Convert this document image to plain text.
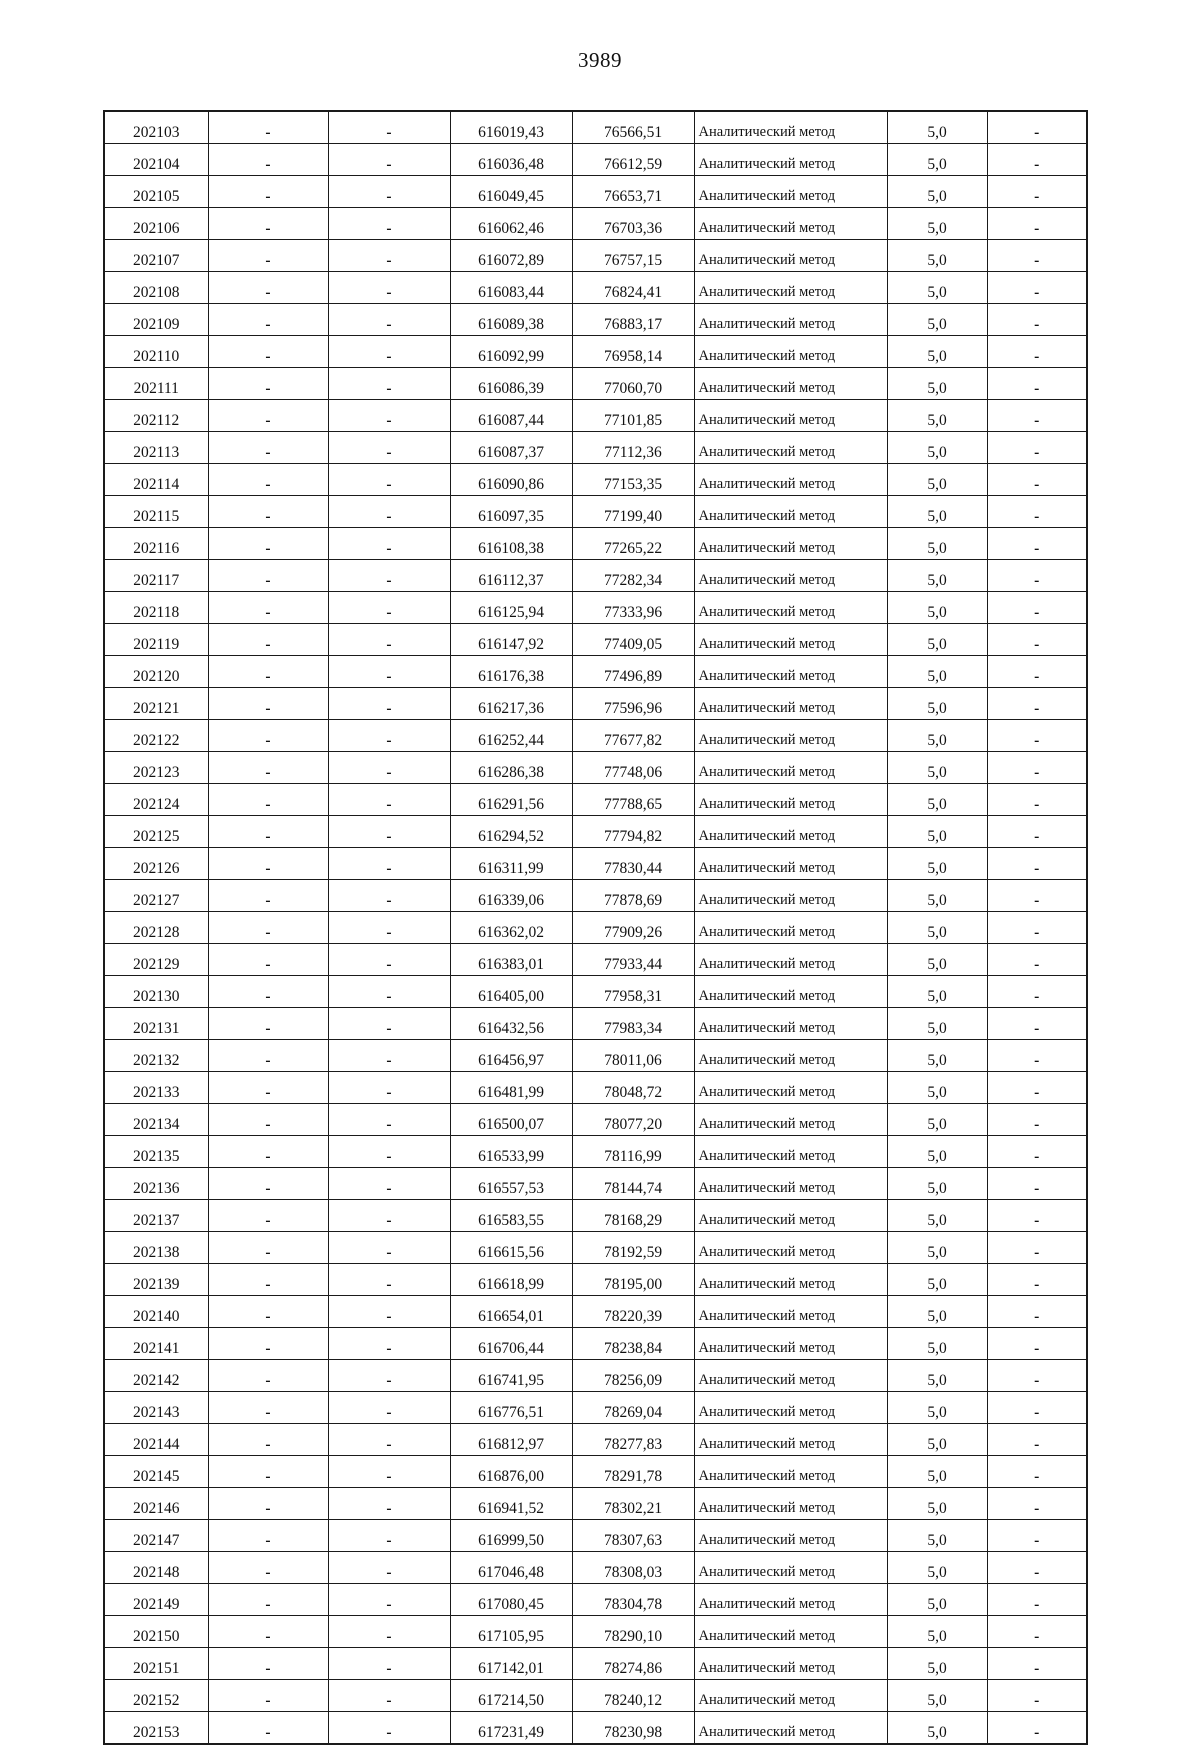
3989
202103	-	-	616019,43	76566,51	Аналитический метод	5,0	-
202104	-	-	616036,48	76612,59	Аналитический метод	5,0	-
202105	-	-	616049,45	76653,71	Аналитический метод	5,0	-
202106	-	-	616062,46	76703,36	Аналитический метод	5,0	-
202107	-	-	616072,89	76757,15	Аналитический метод	5,0	-
202108	-	-	616083,44	76824,41	Аналитический метод	5,0	-
202109	-	-	616089,38	76883,17	Аналитический метод	5,0	-
202110	-	-	616092,99	76958,14	Аналитический метод	5,0	-
202111	-	-	616086,39	77060,70	Аналитический метод	5,0	-
202112	-	-	616087,44	77101,85	Аналитический метод	5,0	-
202113	-	-	616087,37	77112,36	Аналитический метод	5,0	-
202114	-	-	616090,86	77153,35	Аналитический метод	5,0	-
202115	-	-	616097,35	77199,40	Аналитический метод	5,0	-
202116	-	-	616108,38	77265,22	Аналитический метод	5,0	-
202117	-	-	616112,37	77282,34	Аналитический метод	5,0	-
202118	-	-	616125,94	77333,96	Аналитический метод	5,0	-
202119	-	-	616147,92	77409,05	Аналитический метод	5,0	-
202120	-	-	616176,38	77496,89	Аналитический метод	5,0	-
202121	-	-	616217,36	77596,96	Аналитический метод	5,0	-
202122	-	-	616252,44	77677,82	Аналитический метод	5,0	-
202123	-	-	616286,38	77748,06	Аналитический метод	5,0	-
202124	-	-	616291,56	77788,65	Аналитический метод	5,0	-
202125	-	-	616294,52	77794,82	Аналитический метод	5,0	-
202126	-	-	616311,99	77830,44	Аналитический метод	5,0	-
202127	-	-	616339,06	77878,69	Аналитический метод	5,0	-
202128	-	-	616362,02	77909,26	Аналитический метод	5,0	-
202129	-	-	616383,01	77933,44	Аналитический метод	5,0	-
202130	-	-	616405,00	77958,31	Аналитический метод	5,0	-
202131	-	-	616432,56	77983,34	Аналитический метод	5,0	-
202132	-	-	616456,97	78011,06	Аналитический метод	5,0	-
202133	-	-	616481,99	78048,72	Аналитический метод	5,0	-
202134	-	-	616500,07	78077,20	Аналитический метод	5,0	-
202135	-	-	616533,99	78116,99	Аналитический метод	5,0	-
202136	-	-	616557,53	78144,74	Аналитический метод	5,0	-
202137	-	-	616583,55	78168,29	Аналитический метод	5,0	-
202138	-	-	616615,56	78192,59	Аналитический метод	5,0	-
202139	-	-	616618,99	78195,00	Аналитический метод	5,0	-
202140	-	-	616654,01	78220,39	Аналитический метод	5,0	-
202141	-	-	616706,44	78238,84	Аналитический метод	5,0	-
202142	-	-	616741,95	78256,09	Аналитический метод	5,0	-
202143	-	-	616776,51	78269,04	Аналитический метод	5,0	-
202144	-	-	616812,97	78277,83	Аналитический метод	5,0	-
202145	-	-	616876,00	78291,78	Аналитический метод	5,0	-
202146	-	-	616941,52	78302,21	Аналитический метод	5,0	-
202147	-	-	616999,50	78307,63	Аналитический метод	5,0	-
202148	-	-	617046,48	78308,03	Аналитический метод	5,0	-
202149	-	-	617080,45	78304,78	Аналитический метод	5,0	-
202150	-	-	617105,95	78290,10	Аналитический метод	5,0	-
202151	-	-	617142,01	78274,86	Аналитический метод	5,0	-
202152	-	-	617214,50	78240,12	Аналитический метод	5,0	-
202153	-	-	617231,49	78230,98	Аналитический метод	5,0	-
